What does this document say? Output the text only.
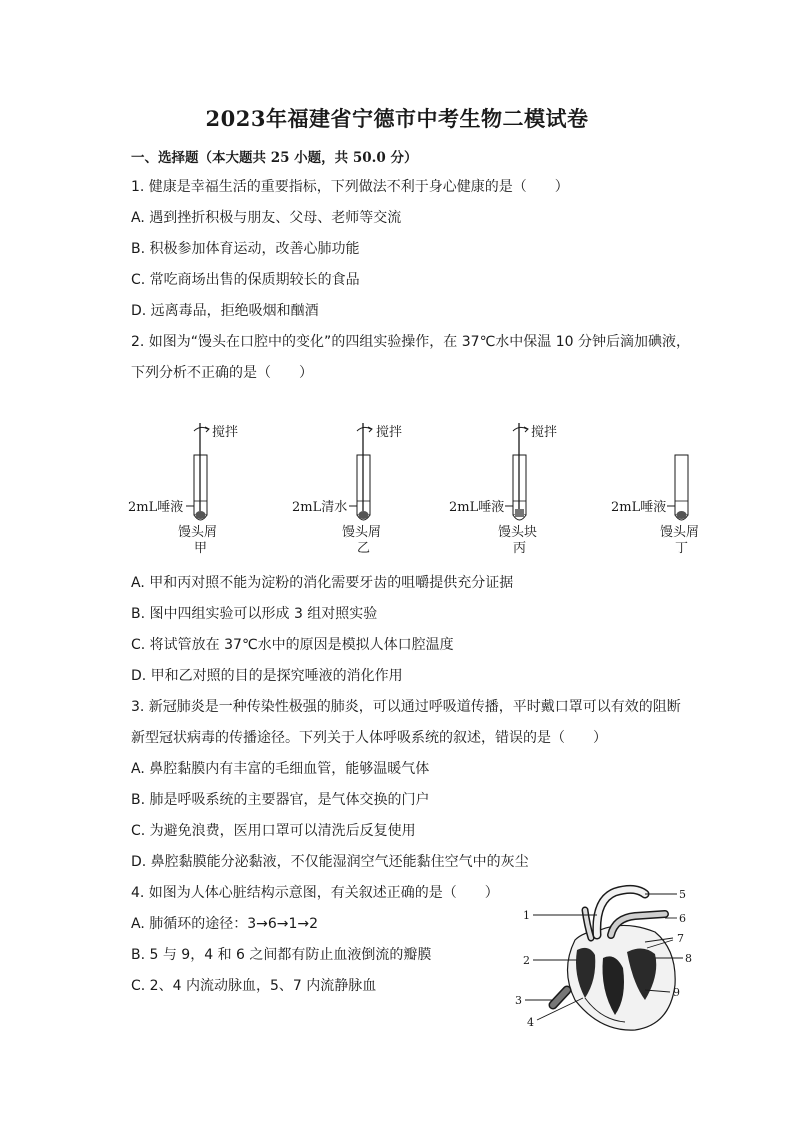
2023年福建省宁德市中考生物二模试卷
一、选择题（本大题共 25 小题，共 50.0 分）
1. 健康是幸福生活的重要指标，下列做法不利于身心健康的是（　　）
A. 遇到挫折积极与朋友、父母、老师等交流
B. 积极参加体育运动，改善心肺功能
C. 常吃商场出售的保质期较长的食品
D. 远离毒品，拒绝吸烟和酗酒
2. 如图为“馒头在口腔中的变化”的四组实验操作，在 37℃水中保温 10 分钟后滴加碘液，
下列分析不正确的是（　　）
搅拌
2mL唾液
馒头屑
甲
搅拌
2mL清水
馒头屑
乙
搅拌
2mL唾液
馒头块
丙
2mL唾液
馒头屑
丁
A. 甲和丙对照不能为淀粉的消化需要牙齿的咀嚼提供充分证据
B. 图中四组实验可以形成 3 组对照实验
C. 将试管放在 37℃水中的原因是模拟人体口腔温度
D. 甲和乙对照的目的是探究唾液的消化作用
3. 新冠肺炎是一种传染性极强的肺炎，可以通过呼吸道传播，平时戴口罩可以有效的阻断
新型冠状病毒的传播途径。下列关于人体呼吸系统的叙述，错误的是（　　）
A. 鼻腔黏膜内有丰富的毛细血管，能够温暖气体
B. 肺是呼吸系统的主要器官，是气体交换的门户
C. 为避免浪费，医用口罩可以清洗后反复使用
D. 鼻腔黏膜能分泌黏液，不仅能湿润空气还能黏住空气中的灰尘
4. 如图为人体心脏结构示意图，有关叙述正确的是（　　）
A. 肺循环的途径：3→6→1→2
B. 5 与 9，4 和 6 之间都有防止血液倒流的瓣膜
C. 2、4 内流动脉血，5、7 内流静脉血
1
2
3
4
5
6
7
8
9
